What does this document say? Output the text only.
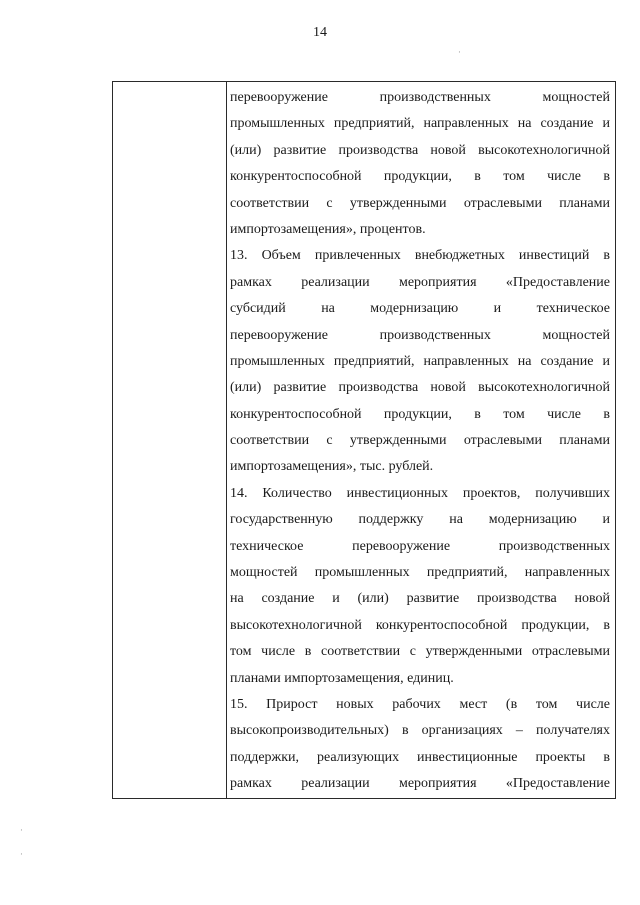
14
перевооружение производственных мощностей
промышленных предприятий, направленных на создание и
(или) развитие производства новой высокотехнологичной
конкурентоспособной продукции, в том числе в
соответствии с утвержденными отраслевыми планами
импортозамещения», процентов.
13. Объем привлеченных внебюджетных инвестиций в
рамках реализации мероприятия «Предоставление
субсидий на модернизацию и техническое
перевооружение производственных мощностей
промышленных предприятий, направленных на создание и
(или) развитие производства новой высокотехнологичной
конкурентоспособной продукции, в том числе в
соответствии с утвержденными отраслевыми планами
импортозамещения», тыс. рублей.
14. Количество инвестиционных проектов, получивших
государственную поддержку на модернизацию и
техническое перевооружение производственных
мощностей промышленных предприятий, направленных
на создание и (или) развитие производства новой
высокотехнологичной конкурентоспособной продукции, в
том числе в соответствии с утвержденными отраслевыми
планами импортозамещения, единиц.
15. Прирост новых рабочих мест (в том числе
высокопроизводительных) в организациях – получателях
поддержки, реализующих инвестиционные проекты в
рамках реализации мероприятия «Предоставление
·
·
·
